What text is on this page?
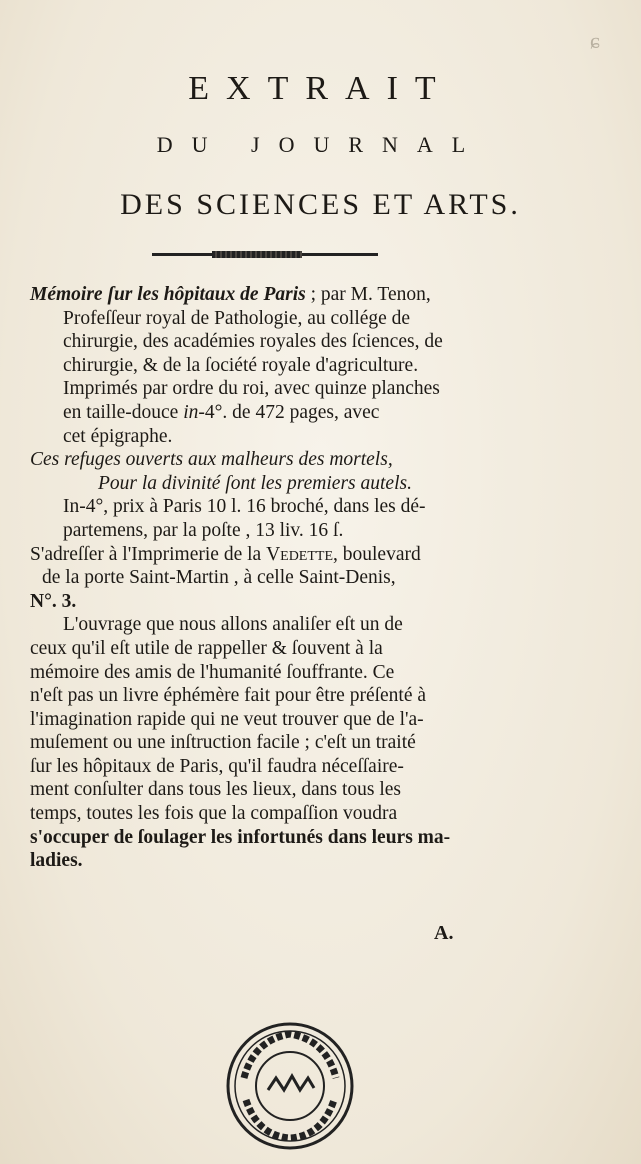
ɕ
EXTRAIT
DU JOURNAL
DES SCIENCES ET ARTS.
Mémoire ſur les hôpitaux de Paris ; par M. Tenon,
Profeſſeur royal de Pathologie, au collége de
chirurgie, des académies royales des ſciences, de
chirurgie, & de la ſociété royale d'agriculture.
Imprimés par ordre du roi, avec quinze planches
en taille-douce in-4°. de 472 pages, avec
cet épigraphe.
Ces refuges ouverts aux malheurs des mortels,
Pour la divinité ſont les premiers autels.
In-4°, prix à Paris 10 l. 16 broché, dans les dé-
partemens, par la poſte , 13 liv. 16 ſ.
S'adreſſer à l'Imprimerie de la Vedette, boulevard
de la porte Saint-Martin , à celle Saint-Denis,
N°. 3.
L'ouvrage que nous allons analiſer eſt un de
ceux qu'il eſt utile de rappeller & ſouvent à la
mémoire des amis de l'humanité ſouffrante. Ce
n'eſt pas un livre éphémère fait pour être préſenté à
l'imagination rapide qui ne veut trouver que de l'a-
muſement ou une inſtruction facile ; c'eſt un traité
ſur les hôpitaux de Paris, qu'il faudra néceſſaire-
ment conſulter dans tous les lieux, dans tous les
temps, toutes les fois que la compaſſion voudra
s'occuper de ſoulager les infortunés dans leurs ma-
ladies.
A.
